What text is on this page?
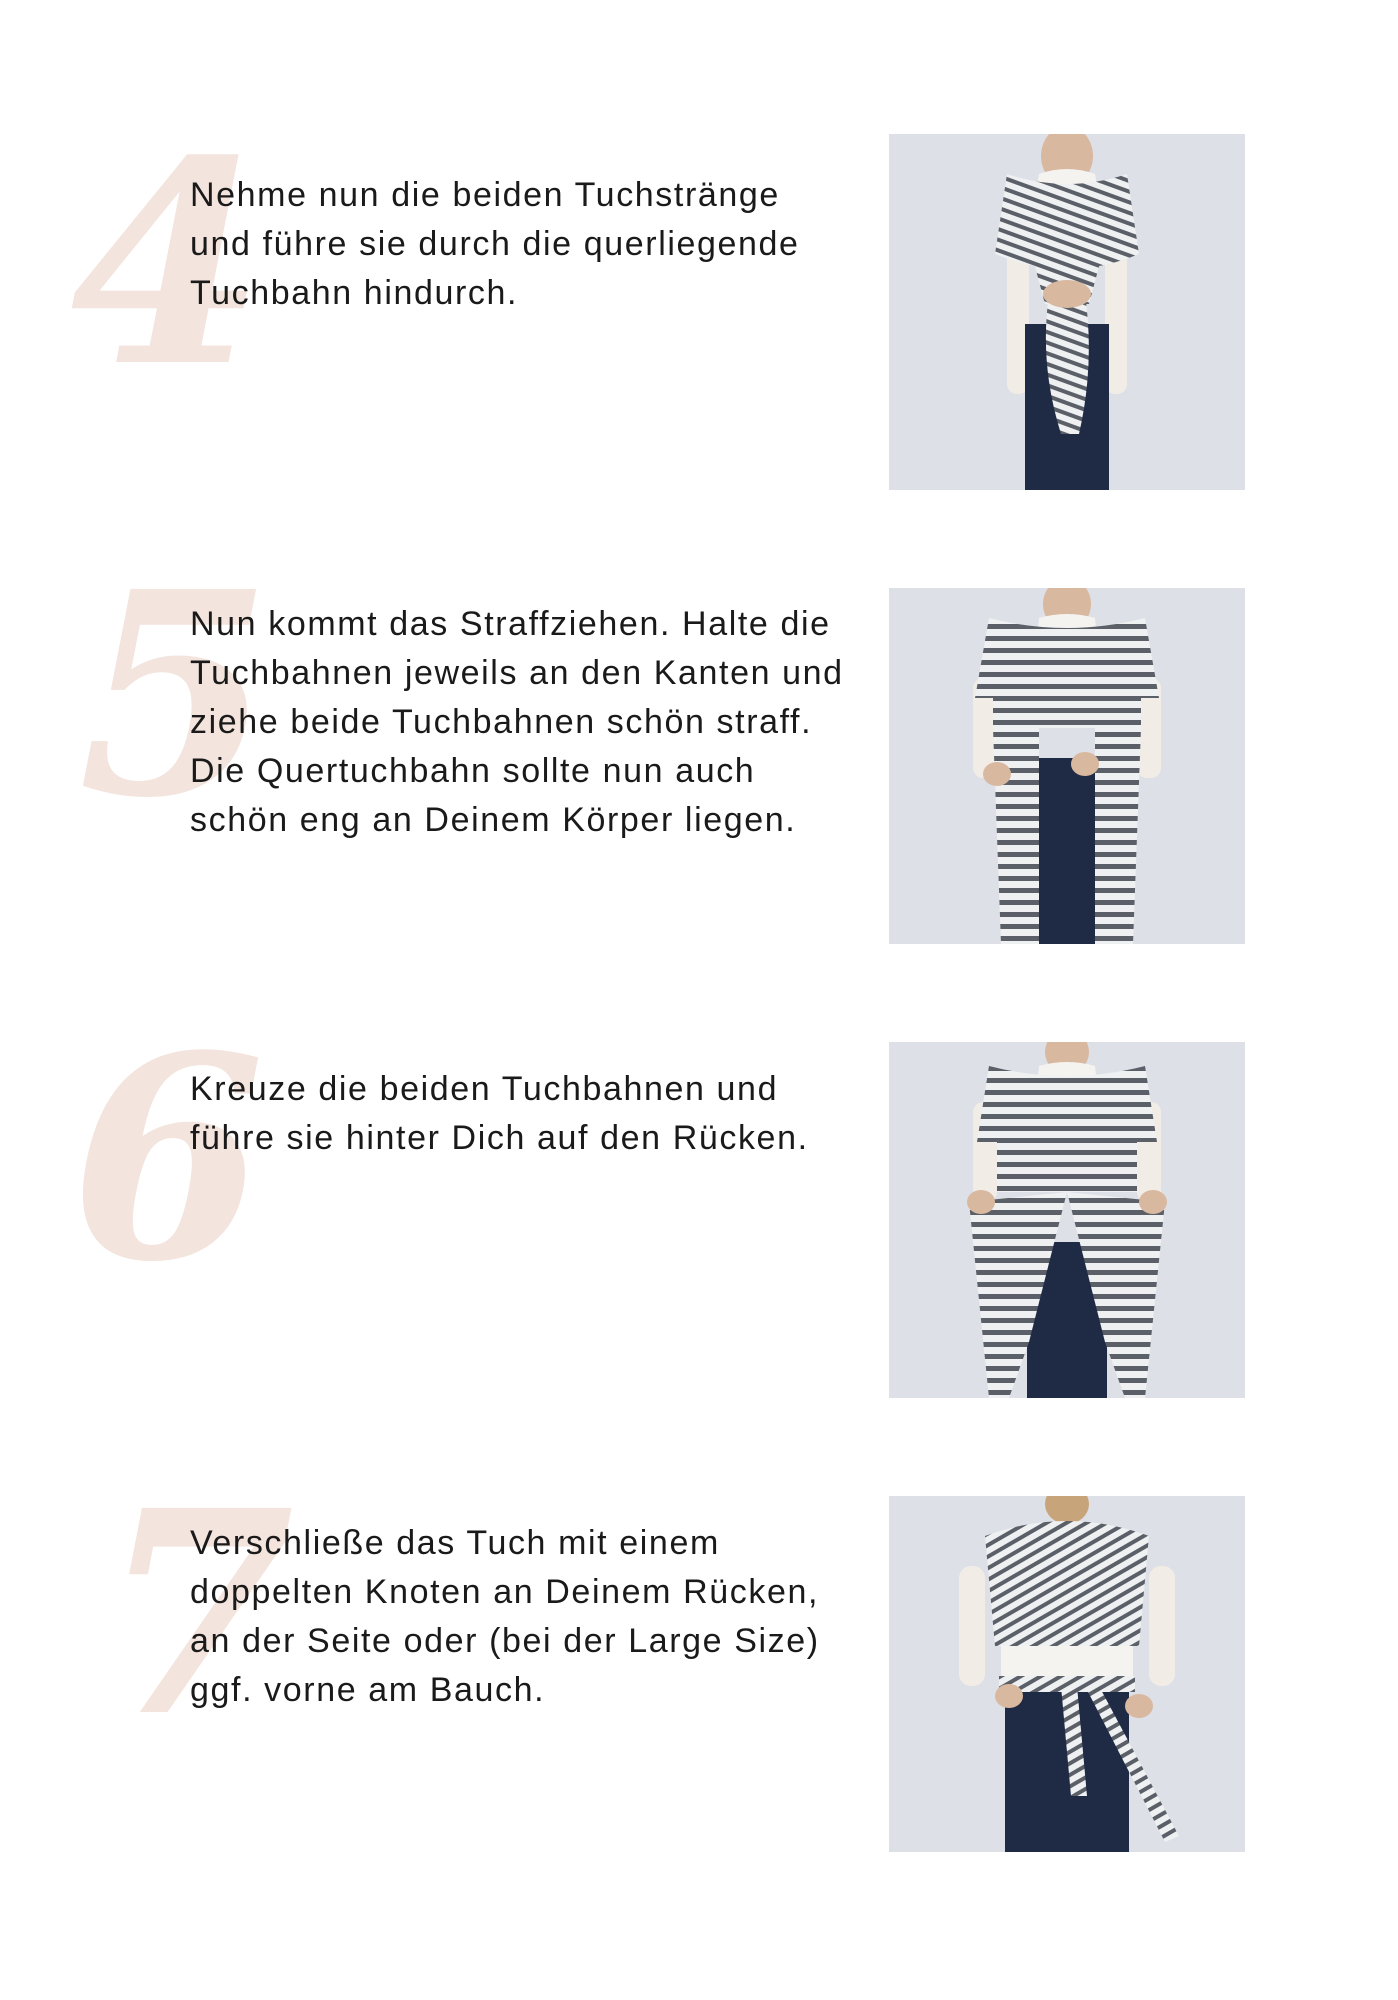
4

Nehme nun die beiden Tuchstränge und führe sie durch die querliegende Tuchbahn hindurch.

5

Nun kommt das Straffziehen. Halte die Tuchbahnen jeweils an den Kanten und ziehe beide Tuchbahnen schön straff. Die Quertuchbahn sollte nun auch schön eng an Deinem Körper liegen.

6

Kreuze die beiden Tuchbahnen und führe sie hinter Dich auf den Rücken.

7

Verschließe das Tuch mit einem doppelten Knoten an Deinem Rücken, an der Seite oder (bei der Large Size) ggf. vorne am Bauch.
